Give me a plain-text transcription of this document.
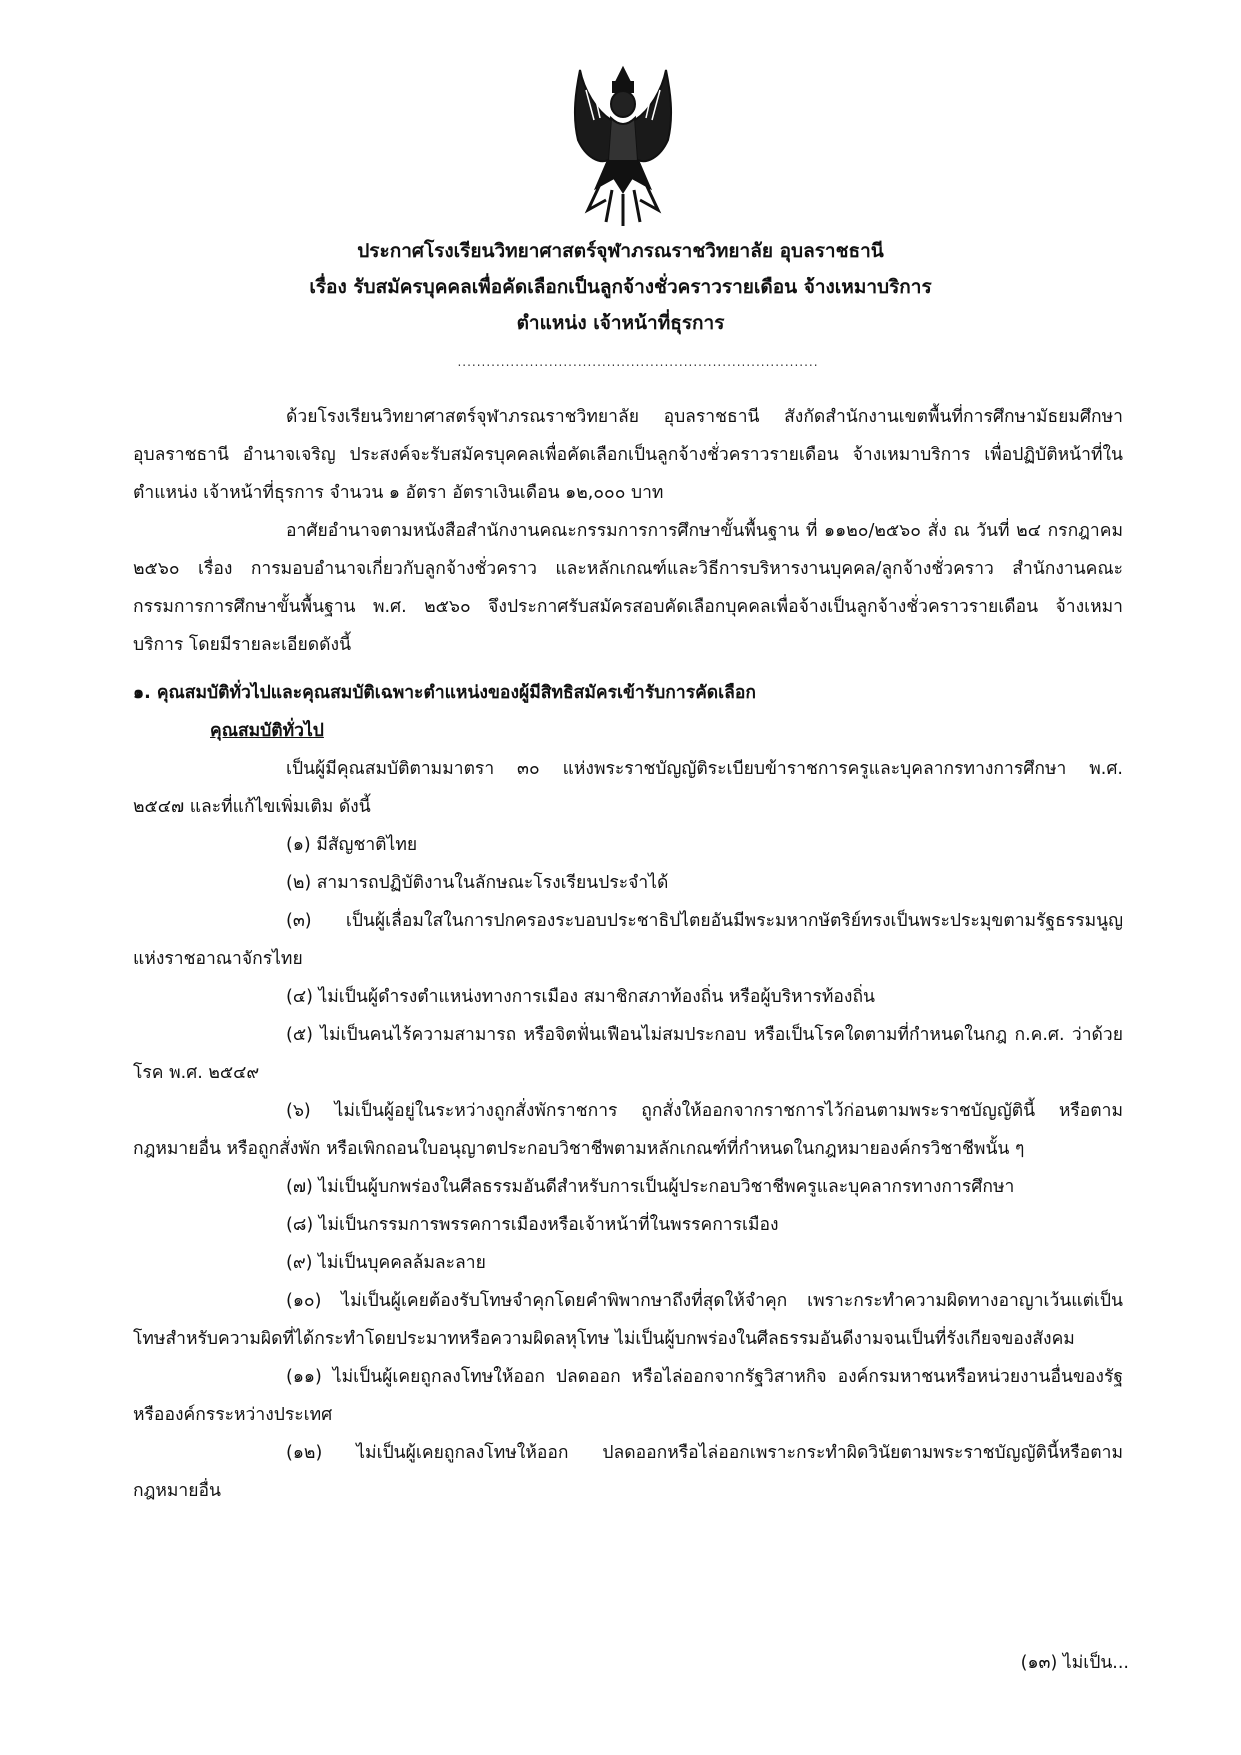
ประกาศโรงเรียนวิทยาศาสตร์จุฬาภรณราชวิทยาลัย อุบลราชธานี
เรื่อง รับสมัครบุคคลเพื่อคัดเลือกเป็นลูกจ้างชั่วคราวรายเดือน จ้างเหมาบริการ
ตำแหน่ง เจ้าหน้าที่ธุรการ
...........................................................................

ด้วยโรงเรียนวิทยาศาสตร์จุฬาภรณราชวิทยาลัย อุบลราชธานี สังกัดสำนักงานเขตพื้นที่การศึกษามัธยมศึกษาอุบลราชธานี อำนาจเจริญ ประสงค์จะรับสมัครบุคคลเพื่อคัดเลือกเป็นลูกจ้างชั่วคราวรายเดือน จ้างเหมาบริการ เพื่อปฏิบัติหน้าที่ในตำแหน่ง เจ้าหน้าที่ธุรการ จำนวน ๑ อัตรา อัตราเงินเดือน ๑๒,๐๐๐ บาท

อาศัยอำนาจตามหนังสือสำนักงานคณะกรรมการการศึกษาขั้นพื้นฐาน ที่ ๑๑๒๐/๒๕๖๐ สั่ง ณ วันที่ ๒๔ กรกฎาคม ๒๕๖๐ เรื่อง การมอบอำนาจเกี่ยวกับลูกจ้างชั่วคราว และหลักเกณฑ์และวิธีการบริหารงานบุคคล/ลูกจ้างชั่วคราว สำนักงานคณะกรรมการการศึกษาขั้นพื้นฐาน พ.ศ. ๒๕๖๐ จึงประกาศรับสมัครสอบคัดเลือกบุคคลเพื่อจ้างเป็นลูกจ้างชั่วคราวรายเดือน จ้างเหมาบริการ โดยมีรายละเอียดดังนี้

๑. คุณสมบัติทั่วไปและคุณสมบัติเฉพาะตำแหน่งของผู้มีสิทธิสมัครเข้ารับการคัดเลือก

คุณสมบัติทั่วไป

เป็นผู้มีคุณสมบัติตามมาตรา ๓๐ แห่งพระราชบัญญัติระเบียบข้าราชการครูและบุคลากรทางการศึกษา พ.ศ. ๒๕๔๗ และที่แก้ไขเพิ่มเติม ดังนี้

(๑) มีสัญชาติไทย

(๒) สามารถปฏิบัติงานในลักษณะโรงเรียนประจำได้

(๓) เป็นผู้เลื่อมใสในการปกครองระบอบประชาธิปไตยอันมีพระมหากษัตริย์ทรงเป็นพระประมุขตามรัฐธรรมนูญแห่งราชอาณาจักรไทย

(๔) ไม่เป็นผู้ดำรงตำแหน่งทางการเมือง สมาชิกสภาท้องถิ่น หรือผู้บริหารท้องถิ่น

(๕) ไม่เป็นคนไร้ความสามารถ หรือจิตฟั่นเฟือนไม่สมประกอบ หรือเป็นโรคใดตามที่กำหนดในกฎ ก.ค.ศ. ว่าด้วยโรค พ.ศ. ๒๕๔๙

(๖) ไม่เป็นผู้อยู่ในระหว่างถูกสั่งพักราชการ ถูกสั่งให้ออกจากราชการไว้ก่อนตามพระราชบัญญัตินี้ หรือตามกฎหมายอื่น หรือถูกสั่งพัก หรือเพิกถอนใบอนุญาตประกอบวิชาชีพตามหลักเกณฑ์ที่กำหนดในกฎหมายองค์กรวิชาชีพนั้น ๆ

(๗) ไม่เป็นผู้บกพร่องในศีลธรรมอันดีสำหรับการเป็นผู้ประกอบวิชาชีพครูและบุคลากรทางการศึกษา

(๘) ไม่เป็นกรรมการพรรคการเมืองหรือเจ้าหน้าที่ในพรรคการเมือง

(๙) ไม่เป็นบุคคลล้มละลาย

(๑๐) ไม่เป็นผู้เคยต้องรับโทษจำคุกโดยคำพิพากษาถึงที่สุดให้จำคุก เพราะกระทำความผิดทางอาญาเว้นแต่เป็นโทษสำหรับความผิดที่ได้กระทำโดยประมาทหรือความผิดลหุโทษ ไม่เป็นผู้บกพร่องในศีลธรรมอันดีงามจนเป็นที่รังเกียจของสังคม

(๑๑) ไม่เป็นผู้เคยถูกลงโทษให้ออก ปลดออก หรือไล่ออกจากรัฐวิสาหกิจ องค์กรมหาชนหรือหน่วยงานอื่นของรัฐ หรือองค์กรระหว่างประเทศ

(๑๒) ไม่เป็นผู้เคยถูกลงโทษให้ออก ปลดออกหรือไล่ออกเพราะกระทำผิดวินัยตามพระราชบัญญัตินี้หรือตามกฎหมายอื่น

(๑๓) ไม่เป็น...
